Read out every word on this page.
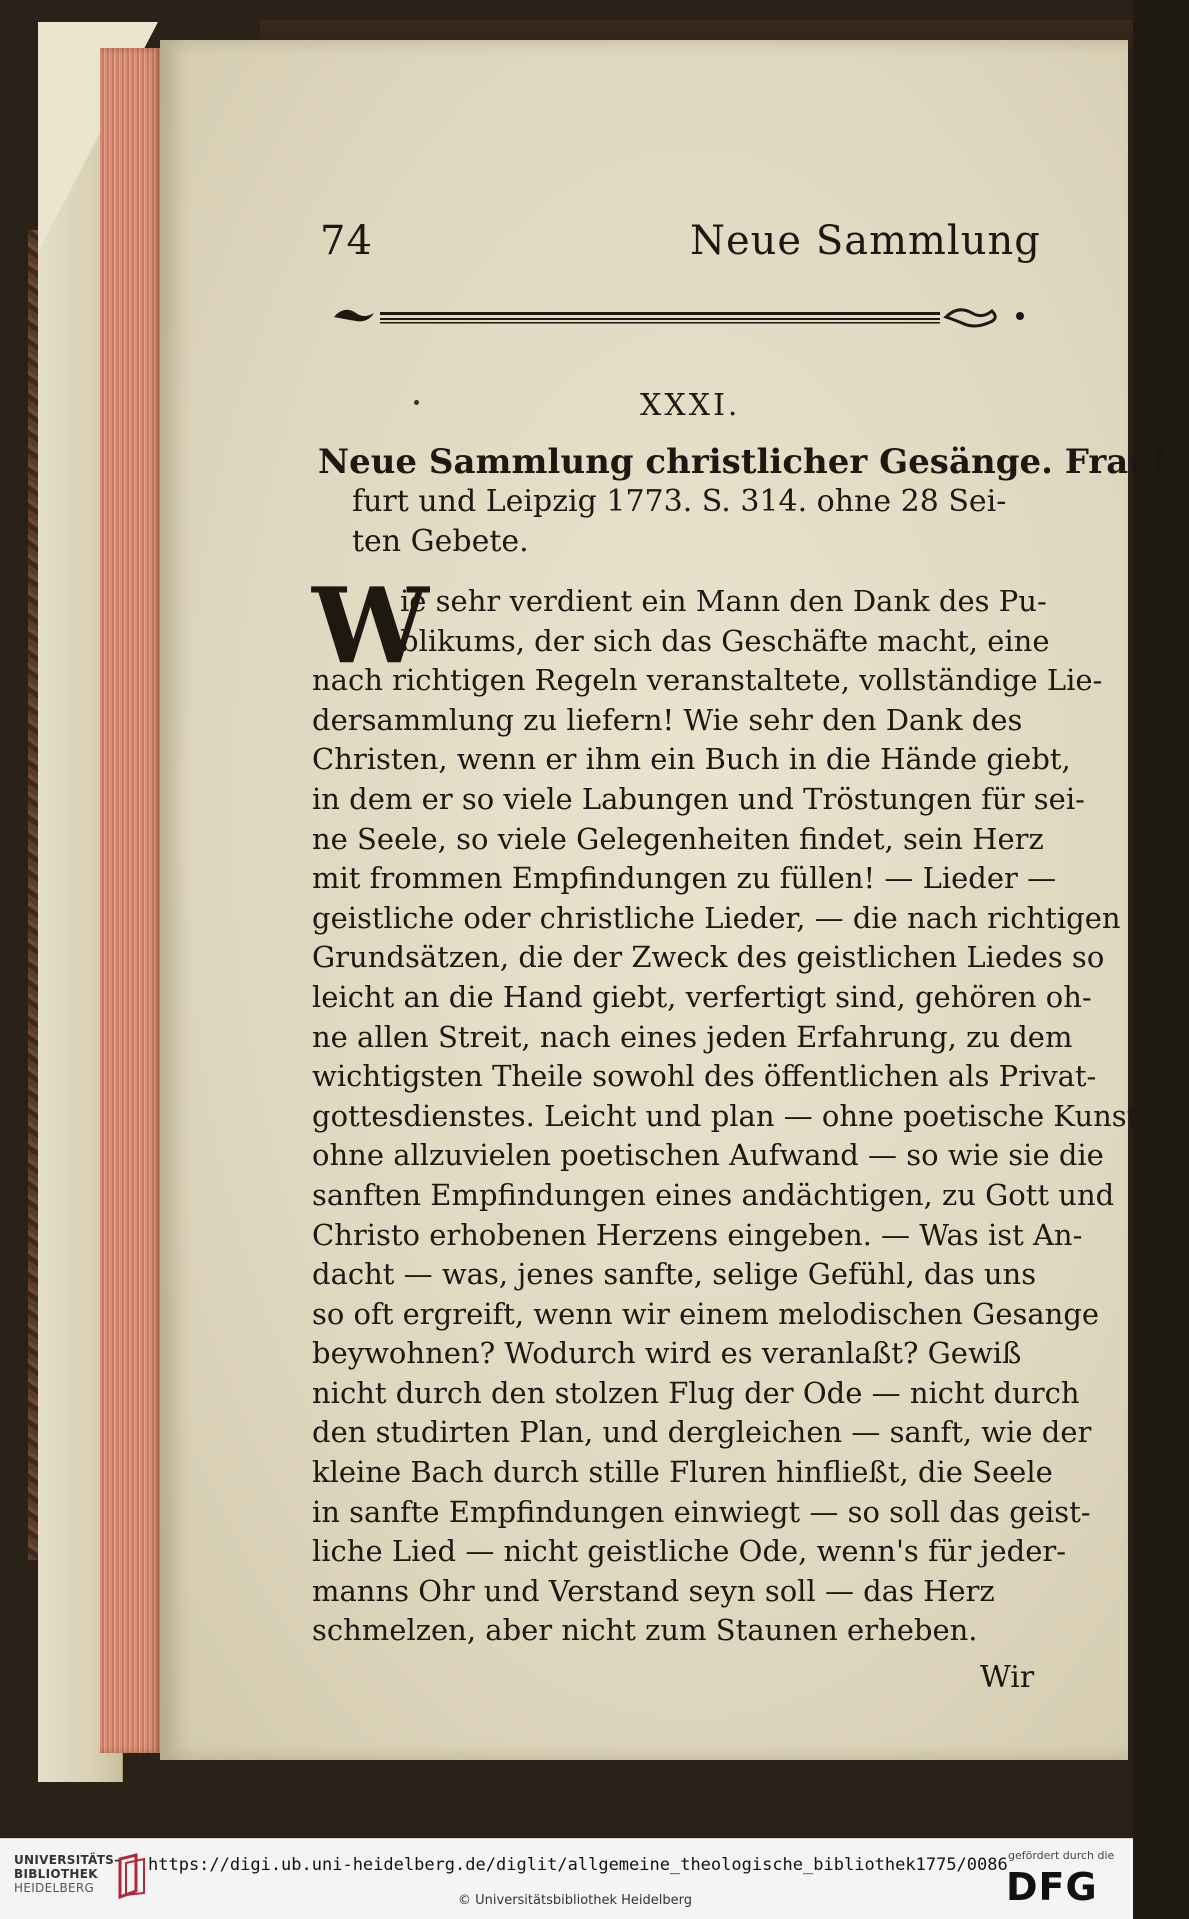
74	Neue Sammlung
XXXI.
Neue Sammlung christlicher Gesänge. Frank-
furt und Leipzig 1773. S. 314. ohne 28 Sei-
ten Gebete.
W
ie sehr verdient ein Mann den Dank des Pu-
blikums, der sich das Geschäfte macht, eine
nach richtigen Regeln veranstaltete, vollständige Lie-
dersammlung zu liefern! Wie sehr den Dank des
Christen, wenn er ihm ein Buch in die Hände giebt,
in dem er so viele Labungen und Tröstungen für sei-
ne Seele, so viele Gelegenheiten findet, sein Herz
mit frommen Empfindungen zu füllen! — Lieder —
geistliche oder christliche Lieder, — die nach richtigen
Grundsätzen, die der Zweck des geistlichen Liedes so
leicht an die Hand giebt, verfertigt sind, gehören oh-
ne allen Streit, nach eines jeden Erfahrung, zu dem
wichtigsten Theile sowohl des öffentlichen als Privat-
gottesdienstes. Leicht und plan — ohne poetische Kunst,
ohne allzuvielen poetischen Aufwand — so wie sie die
sanften Empfindungen eines andächtigen, zu Gott und
Christo erhobenen Herzens eingeben. — Was ist An-
dacht — was, jenes sanfte, selige Gefühl, das uns
so oft ergreift, wenn wir einem melodischen Gesange
beywohnen? Wodurch wird es veranlaßt? Gewiß
nicht durch den stolzen Flug der Ode — nicht durch
den studirten Plan, und dergleichen — sanft, wie der
kleine Bach durch stille Fluren hinfließt, die Seele
in sanfte Empfindungen einwiegt — so soll das geist-
liche Lied — nicht geistliche Ode, wenn's für jeder-
manns Ohr und Verstand seyn soll — das Herz
schmelzen, aber nicht zum Staunen erheben.
Wir
UNIVERSITÄTS-
BIBLIOTHEK
HEIDELBERG
https://digi.ub.uni-heidelberg.de/diglit/allgemeine_theologische_bibliothek1775/0086
© Universitätsbibliothek Heidelberg
gefördert durch die
DFG
